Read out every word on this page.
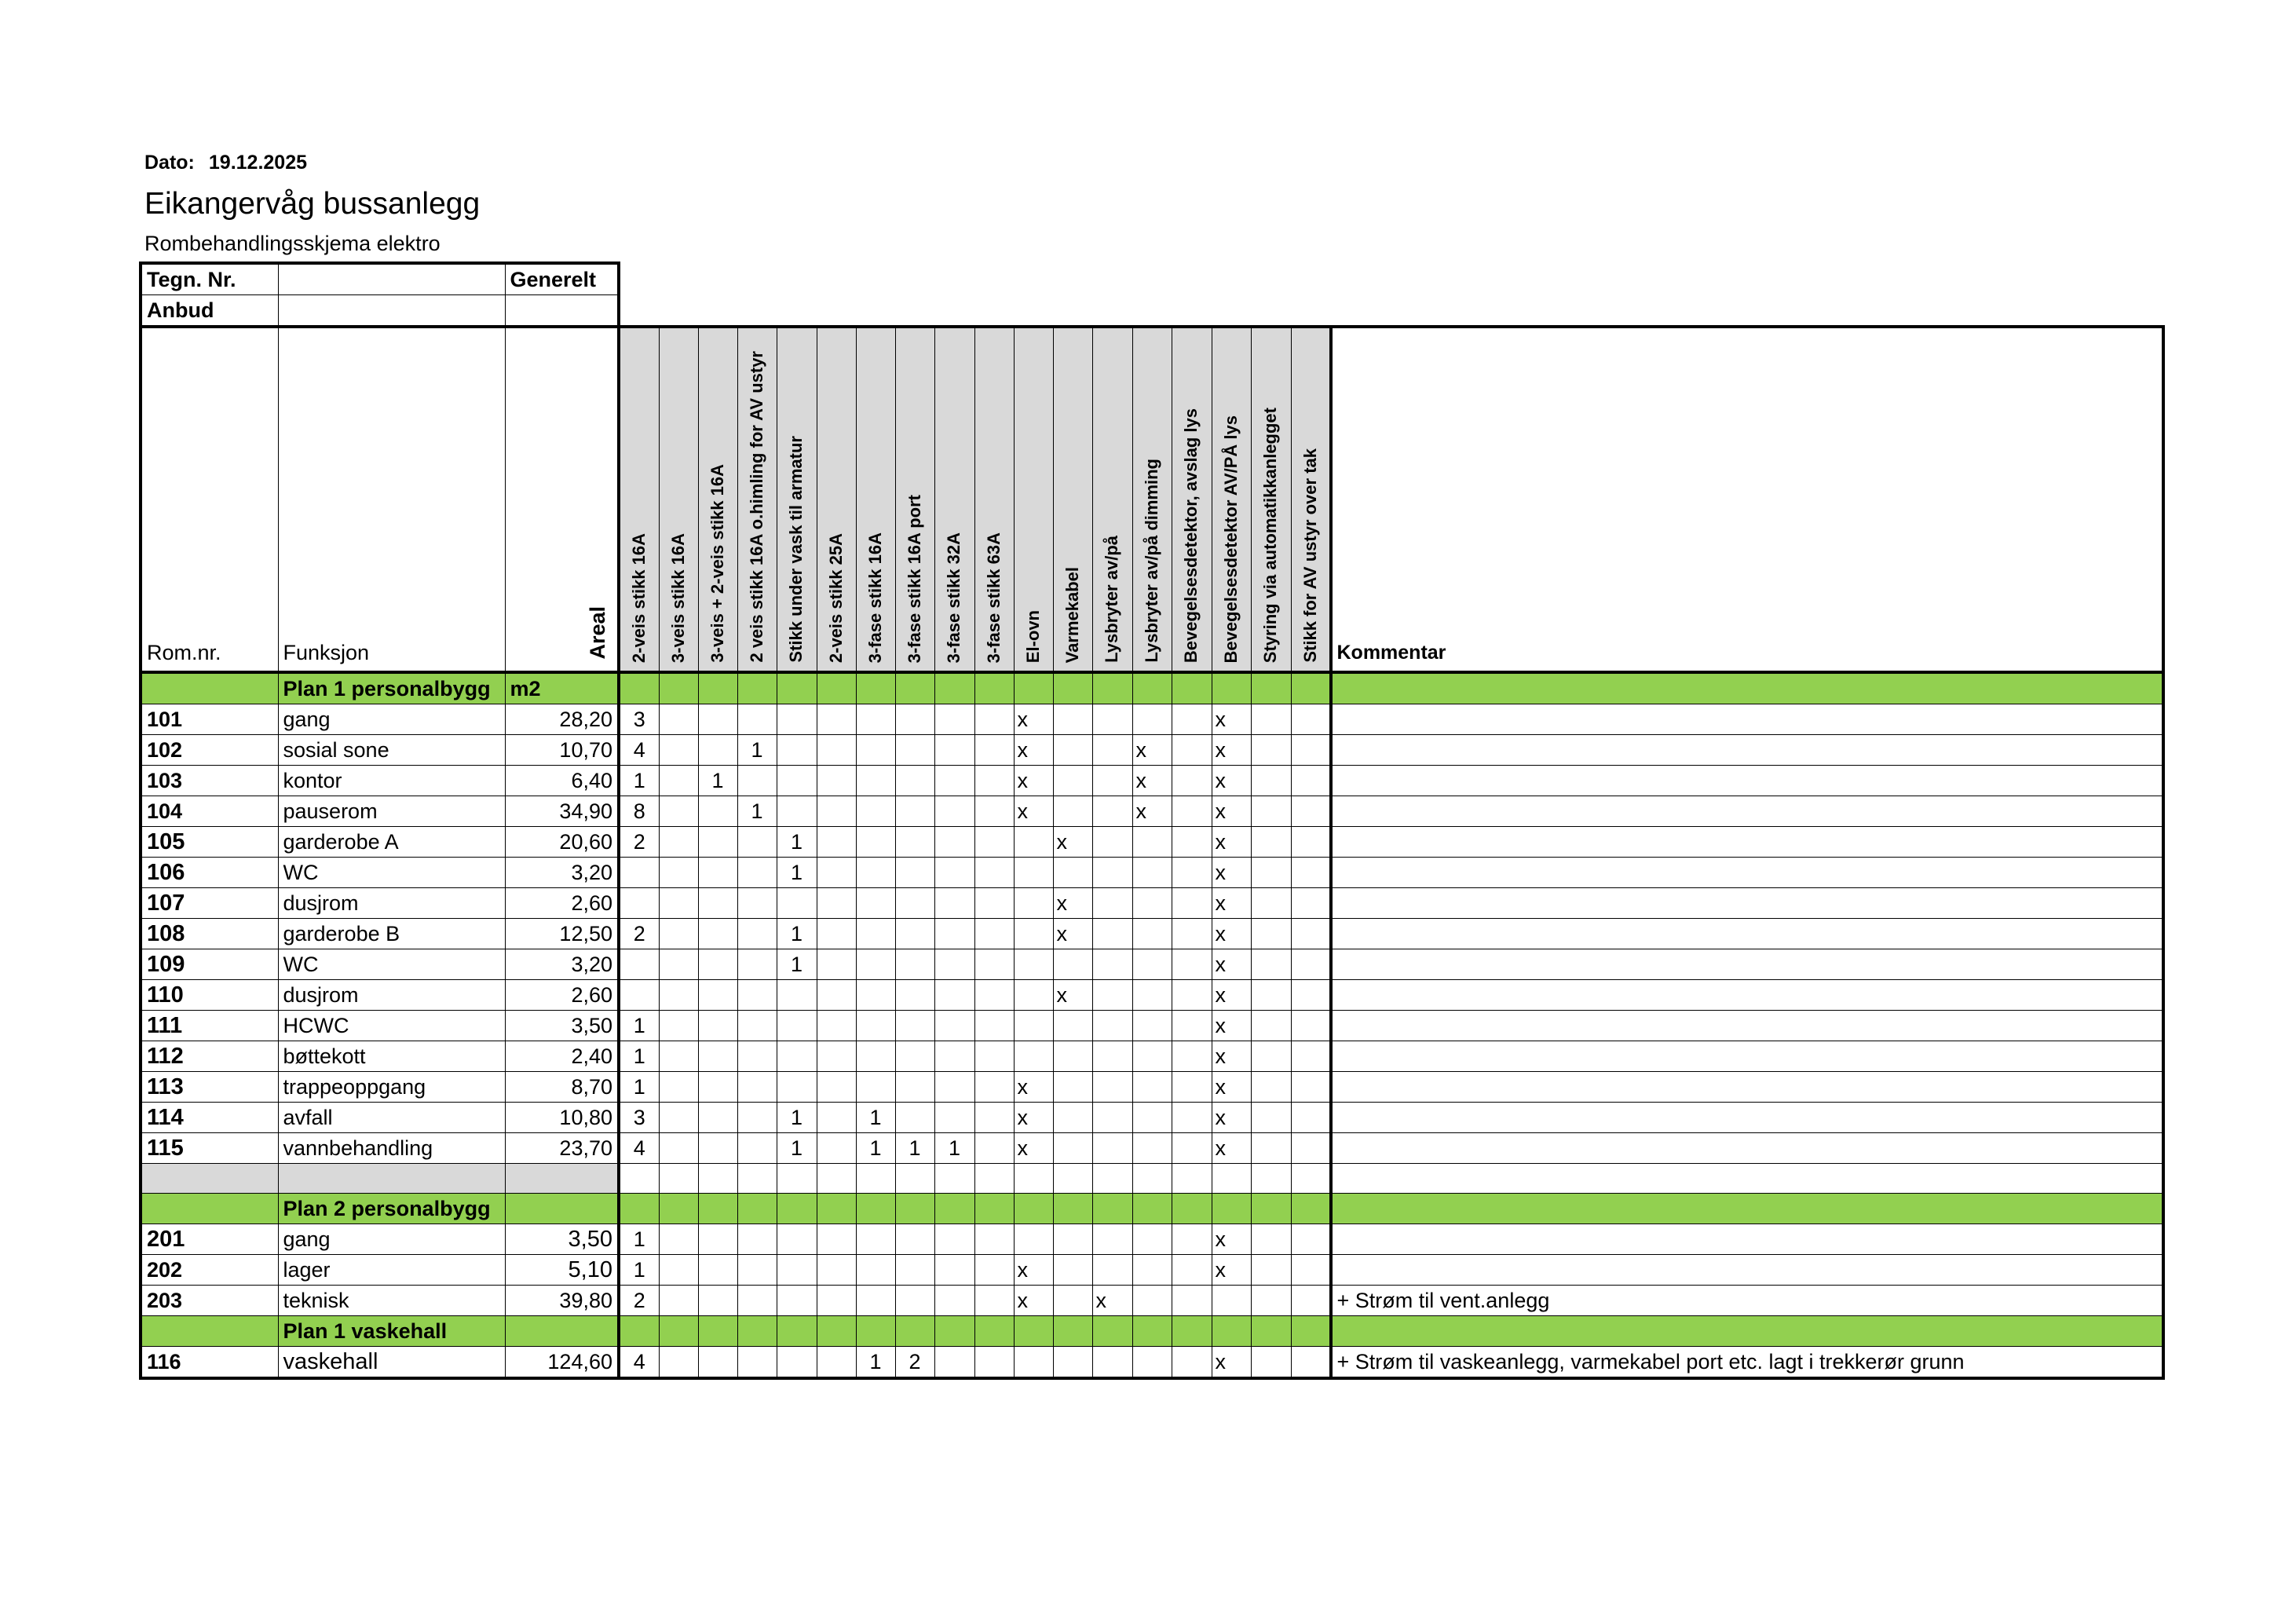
Dato: 19.12.2025
Eikangervåg bussanlegg
Rombehandlingsskjema elektro
Tegn. Nr.		Generelt																			
Anbud																					
Rom.nr.	Funksjon	Areal	2-veis stikk 16A	3-veis stikk 16A	3-veis + 2-veis stikk 16A	2 veis stikk 16A o.himling for AV ustyr	Stikk under vask til armatur	2-veis stikk 25A	3-fase stikk 16A	3-fase stikk 16A port	3-fase stikk 32A	3-fase stikk 63A	El-ovn	Varmekabel	Lysbryter av/på	Lysbryter av/på dimming	Bevegelsesdetektor, avslag lys	Bevegelsesdetektor AV/PÅ lys	Styring via automatikkanlegget	Stikk for AV ustyr over tak	Kommentar
	Plan 1 personalbygg	m2																			
101	gang	28,20	3										x					x			
102	sosial sone	10,70	4			1							x			x		x			
103	kontor	6,40	1		1								x			x		x			
104	pauserom	34,90	8			1							x			x		x			
105	garderobe A	20,60	2				1							x				x			
106	WC	3,20					1											x			
107	dusjrom	2,60												x				x			
108	garderobe B	12,50	2				1							x				x			
109	WC	3,20					1											x			
110	dusjrom	2,60												x				x			
111	HCWC	3,50	1															x			
112	bøttekott	2,40	1															x			
113	trappeoppgang	8,70	1										x					x			
114	avfall	10,80	3				1		1				x					x			
115	vannbehandling	23,70	4				1		1	1	1		x					x			

	Plan 2 personalbygg																				
201	gang	3,50	1															x			
202	lager	5,10	1										x					x			
203	teknisk	39,80	2										x		x						+ Strøm til vent.anlegg
	Plan 1 vaskehall																				
116	vaskehall	124,60	4						1	2								x			+ Strøm til vaskeanlegg, varmekabel port etc. lagt i trekkerør grunn
